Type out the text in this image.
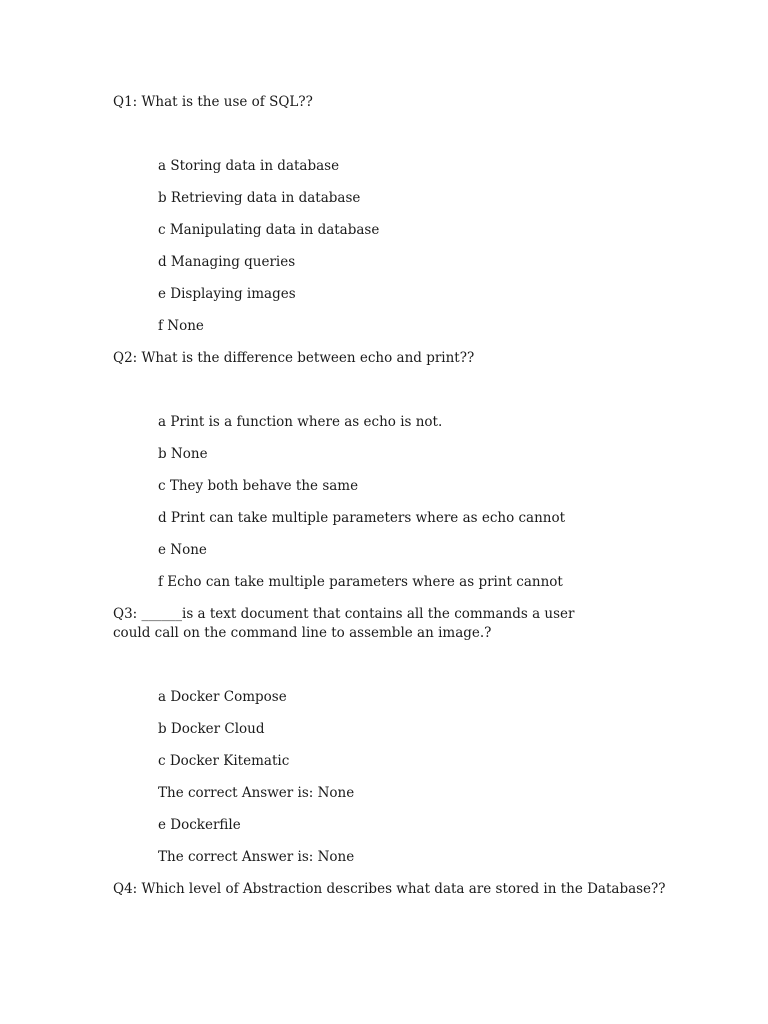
Q1: What is the use of SQL??
a Storing data in database
b Retrieving data in database
c Manipulating data in database
d Managing queries
e Displaying images
f None
Q2: What is the difference between echo and print??
a Print is a function where as echo is not.
b None
c They both behave the same
d Print can take multiple parameters where as echo cannot
e None
f Echo can take multiple parameters where as print cannot
Q3: ______is a text document that contains all the commands a user could call on the command line to assemble an image.?
a Docker Compose
b Docker Cloud
c Docker Kitematic
The correct Answer is: None
e Dockerfile
The correct Answer is: None
Q4: Which level of Abstraction describes what data are stored in the Database??
